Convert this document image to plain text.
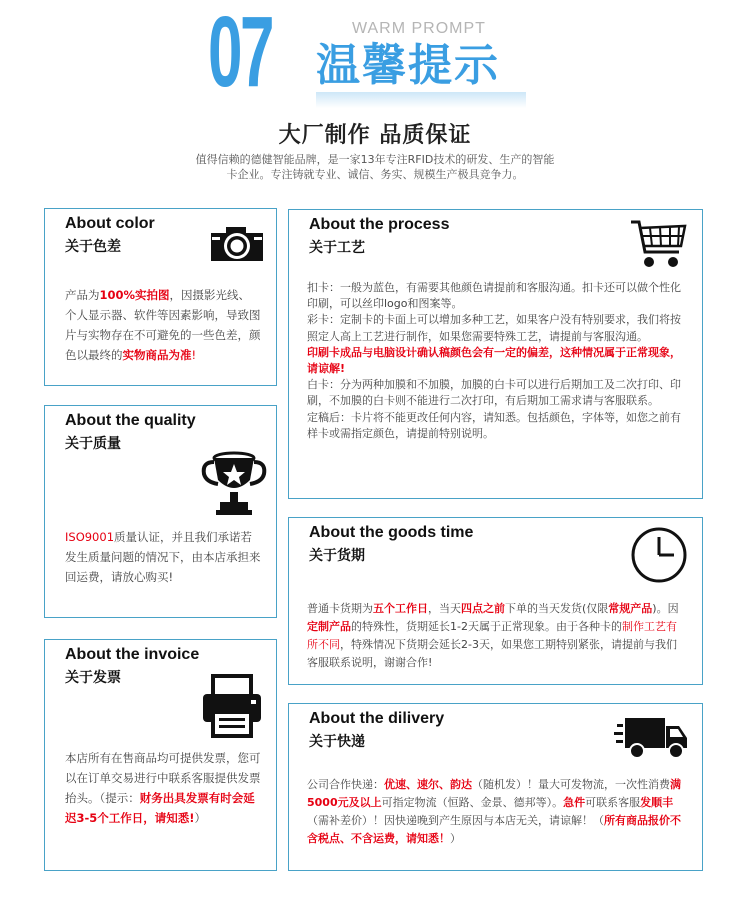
07	WARM PROMPT
温馨提示
大厂制作 品质保证
值得信赖的德健智能品牌，是一家13年专注RFID技术的研发、生产的智能
卡企业。专注铸就专业、诚信、务实、规模生产极具竞争力。
About color
关于色差
产品为100%实拍图，因摄影光线、个人显示器、软件等因素影响，导致图片与实物存在不可避免的一些色差，颜色以最终的实物商品为准!
About the quality
关于质量
ISO9001质量认证，并且我们承诺若发生质量问题的情况下，由本店承担来回运费，请放心购买!
About the invoice
关于发票
本店所有在售商品均可提供发票，您可以在订单交易进行中联系客服提供发票抬头。（提示：财务出具发票有时会延迟3-5个工作日，请知悉!）
About the process
关于工艺
扣卡：一般为蓝色，有需要其他颜色请提前和客服沟通。扣卡还可以做个性化印刷，可以丝印logo和图案等。
彩卡：定制卡的卡面上可以增加多种工艺，如果客户没有特别要求，我们将按照定人高上工艺进行制作，如果您需要特殊工艺，请提前与客服沟通。
印刷卡成品与电脑设计确认稿颜色会有一定的偏差，这种情况属于正常现象，请谅解!
白卡：分为两种加膜和不加膜，加膜的白卡可以进行后期加工及二次打印、印刷，不加膜的白卡则不能进行二次打印，有后期加工需求请与客服联系。
定稿后：卡片将不能更改任何内容，请知悉。包括颜色，字体等，如您之前有样卡或需指定颜色，请提前特别说明。
About the goods time
关于货期
普通卡货期为五个工作日，当天四点之前下单的当天发货(仅限常规产品)。因定制产品的特殊性，货期延长1-2天属于正常现象。由于各种卡的制作工艺有所不同，特殊情况下货期会延长2-3天，如果您工期特别紧张，请提前与我们客服联系说明，谢谢合作!
About the dilivery
关于快递
公司合作快递：优速、速尔、韵达（随机发）！量大可发物流，一次性消费满5000元及以上可指定物流（恒路、金景、德邦等）。急件可联系客服发顺丰（需补差价）！因快递晚到产生原因与本店无关，请谅解！（所有商品报价不含税点、不含运费，请知悉！）
